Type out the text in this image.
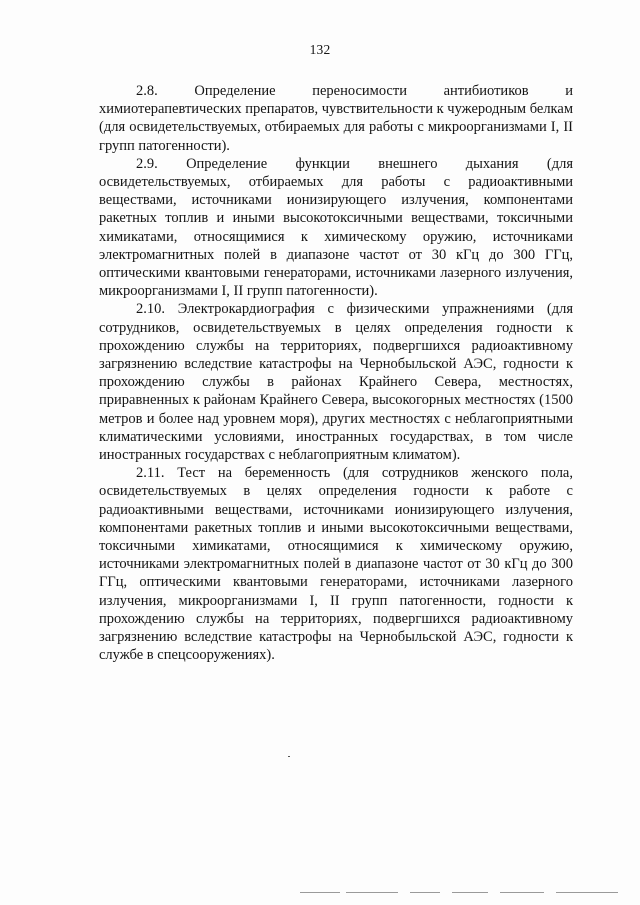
132

2.8.	Определение переносимости антибиотиков и химиотерапевтических препаратов, чувствительности к чужеродным белкам (для освидетельствуемых, отбираемых для работы с микроорганизмами I, II групп патогенности).

2.9. Определение функции внешнего дыхания (для освидетельствуемых, отбираемых для работы с радиоактивными веществами, источниками ионизирующего излучения, компонентами ракетных топлив и иными высокотоксичными веществами, токсичными химикатами, относящимися к химическому оружию, источниками электромагнитных полей в диапазоне частот от 30 кГц до 300 ГГц, оптическими квантовыми генераторами, источниками лазерного излучения, микроорганизмами I, II групп патогенности).

2.10. Электрокардиография с физическими упражнениями (для сотрудников, освидетельствуемых в целях определения годности к прохождению службы на территориях, подвергшихся радиоактивному загрязнению вследствие катастрофы на Чернобыльской АЭС, годности к прохождению службы в районах Крайнего Севера, местностях, приравненных к районам Крайнего Севера, высокогорных местностях (1500 метров и более над уровнем моря), других местностях с неблагоприятными климатическими условиями, иностранных государствах, в том числе иностранных государствах с неблагоприятным климатом).

2.11. Тест на беременность (для сотрудников женского пола, освидетельствуемых в целях определения годности к работе с радиоактивными веществами, источниками ионизирующего излучения, компонентами ракетных топлив и иными высокотоксичными веществами, токсичными химикатами, относящимися к химическому оружию, источниками электромагнитных полей в диапазоне частот от 30 кГц до 300 ГГц, оптическими квантовыми генераторами, источниками лазерного излучения, микроорганизмами I, II групп патогенности, годности к прохождению службы на территориях, подвергшихся радиоактивному загрязнению вследствие катастрофы на Чернобыльской АЭС, годности к службе в спецсооружениях).
